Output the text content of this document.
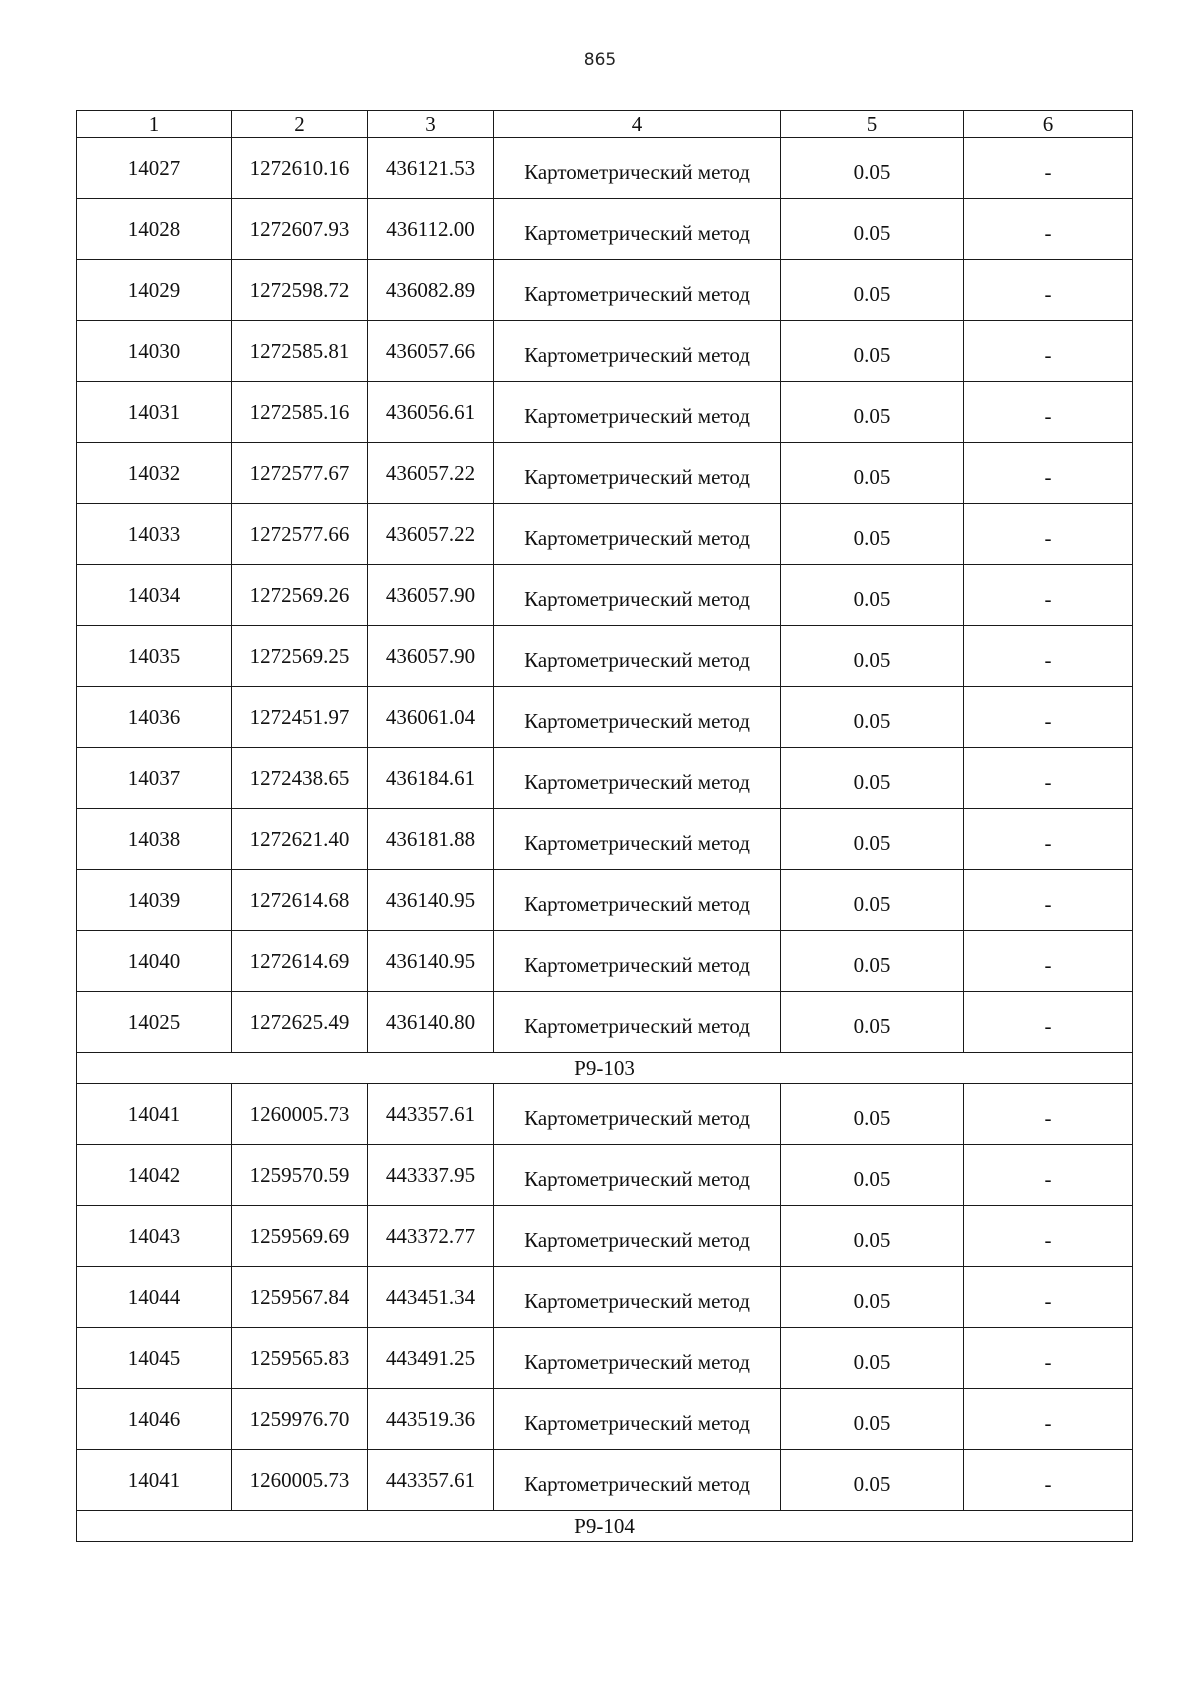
865
1	2	3	4	5	6

14027	1272610.16	436121.53	Картометрический метод	0.05	-

14028	1272607.93	436112.00	Картометрический метод	0.05	-

14029	1272598.72	436082.89	Картометрический метод	0.05	-

14030	1272585.81	436057.66	Картометрический метод	0.05	-

14031	1272585.16	436056.61	Картометрический метод	0.05	-

14032	1272577.67	436057.22	Картометрический метод	0.05	-

14033	1272577.66	436057.22	Картометрический метод	0.05	-

14034	1272569.26	436057.90	Картометрический метод	0.05	-

14035	1272569.25	436057.90	Картометрический метод	0.05	-

14036	1272451.97	436061.04	Картометрический метод	0.05	-

14037	1272438.65	436184.61	Картометрический метод	0.05	-

14038	1272621.40	436181.88	Картометрический метод	0.05	-

14039	1272614.68	436140.95	Картометрический метод	0.05	-

14040	1272614.69	436140.95	Картометрический метод	0.05	-

14025	1272625.49	436140.80	Картометрический метод	0.05	-

Р9-103					

14041	1260005.73	443357.61	Картометрический метод	0.05	-

14042	1259570.59	443337.95	Картометрический метод	0.05	-

14043	1259569.69	443372.77	Картометрический метод	0.05	-

14044	1259567.84	443451.34	Картометрический метод	0.05	-

14045	1259565.83	443491.25	Картометрический метод	0.05	-

14046	1259976.70	443519.36	Картометрический метод	0.05	-

14041	1260005.73	443357.61	Картометрический метод	0.05	-

Р9-104					
